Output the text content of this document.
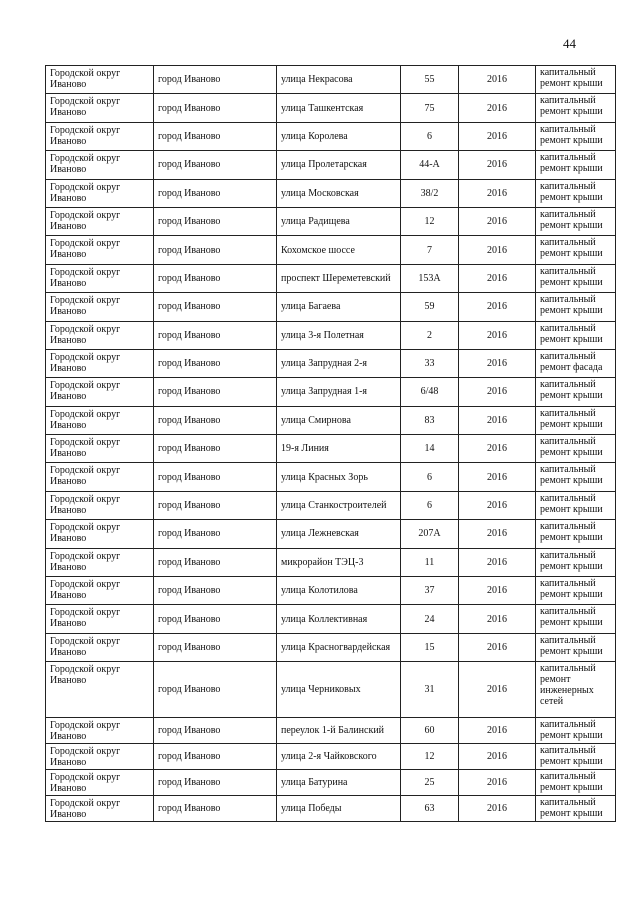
44
Городской округ Иваново	город Иваново	улица Некрасова	55	2016	капитальный ремонт крыши
Городской округ Иваново	город Иваново	улица Ташкентская	75	2016	капитальный ремонт крыши
Городской округ Иваново	город Иваново	улица Королева	6	2016	капитальный ремонт крыши
Городской округ Иваново	город Иваново	улица Пролетарская	44-А	2016	капитальный ремонт крыши
Городской округ Иваново	город Иваново	улица Московская	38/2	2016	капитальный ремонт крыши
Городской округ Иваново	город Иваново	улица Радищева	12	2016	капитальный ремонт крыши
Городской округ Иваново	город Иваново	Кохомское шоссе	7	2016	капитальный ремонт крыши
Городской округ Иваново	город Иваново	проспект Шереметевский	153А	2016	капитальный ремонт крыши
Городской округ Иваново	город Иваново	улица Багаева	59	2016	капитальный ремонт крыши
Городской округ Иваново	город Иваново	улица 3-я Полетная	2	2016	капитальный ремонт крыши
Городской округ Иваново	город Иваново	улица Запрудная 2-я	33	2016	капитальный ремонт фасада
Городской округ Иваново	город Иваново	улица Запрудная 1-я	6/48	2016	капитальный ремонт крыши
Городской округ Иваново	город Иваново	улица Смирнова	83	2016	капитальный ремонт крыши
Городской округ Иваново	город Иваново	19-я Линия	14	2016	капитальный ремонт крыши
Городской округ Иваново	город Иваново	улица Красных Зорь	6	2016	капитальный ремонт крыши
Городской округ Иваново	город Иваново	улица Станкостроителей	6	2016	капитальный ремонт крыши
Городской округ Иваново	город Иваново	улица Лежневская	207А	2016	капитальный ремонт крыши
Городской округ Иваново	город Иваново	микрорайон ТЭЦ-3	11	2016	капитальный ремонт крыши
Городской округ Иваново	город Иваново	улица Колотилова	37	2016	капитальный ремонт крыши
Городской округ Иваново	город Иваново	улица Коллективная	24	2016	капитальный ремонт крыши
Городской округ Иваново	город Иваново	улица Красногвардейская	15	2016	капитальный ремонт крыши
Городской округ Иваново	город Иваново	улица Черниковых	31	2016	капитальный ремонт инженерных сетей
Городской округ Иваново	город Иваново	переулок 1-й Балинский	60	2016	капитальный ремонт крыши
Городской округ Иваново	город Иваново	улица 2-я Чайковского	12	2016	капитальный ремонт крыши
Городской округ Иваново	город Иваново	улица Батурина	25	2016	капитальный ремонт крыши
Городской округ Иваново	город Иваново	улица Победы	63	2016	капитальный ремонт крыши
